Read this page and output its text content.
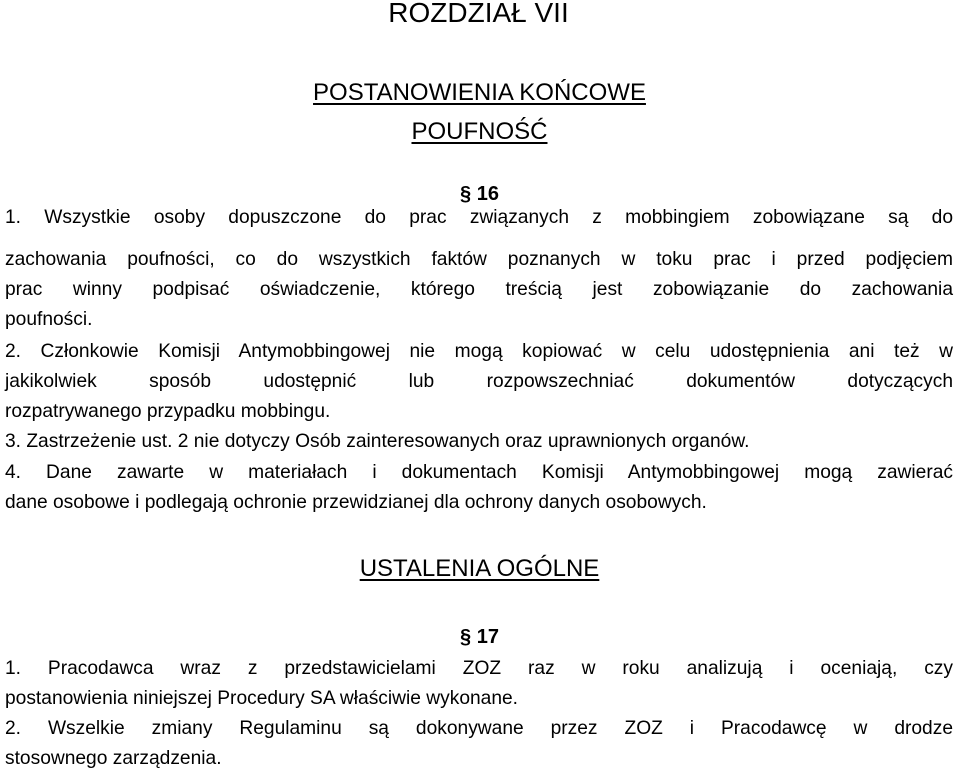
ROZDZIAŁ VII
POSTANOWIENIA KOŃCOWE
POUFNOŚĆ
§ 16
1. Wszystkie osoby dopuszczone do prac związanych z mobbingiem zobowiązane są do
zachowania poufności, co do wszystkich faktów poznanych w toku prac i przed podjęciem
prac winny podpisać oświadczenie, którego treścią jest zobowiązanie do zachowania
poufności.
2. Członkowie Komisji Antymobbingowej nie mogą kopiować w celu udostępnienia ani też w
jakikolwiek sposób udostępnić lub rozpowszechniać dokumentów dotyczących
rozpatrywanego przypadku mobbingu.
3. Zastrzeżenie ust. 2 nie dotyczy Osób zainteresowanych oraz uprawnionych organów.
4. Dane zawarte w materiałach i dokumentach Komisji Antymobbingowej mogą zawierać
dane osobowe i podlegają ochronie przewidzianej dla ochrony danych osobowych.
USTALENIA OGÓLNE
§ 17
1. Pracodawca wraz z przedstawicielami ZOZ raz w roku analizują i oceniają, czy
postanowienia niniejszej Procedury SA właściwie wykonane.
2. Wszelkie zmiany Regulaminu są dokonywane przez ZOZ i Pracodawcę w drodze
stosownego zarządzenia.
